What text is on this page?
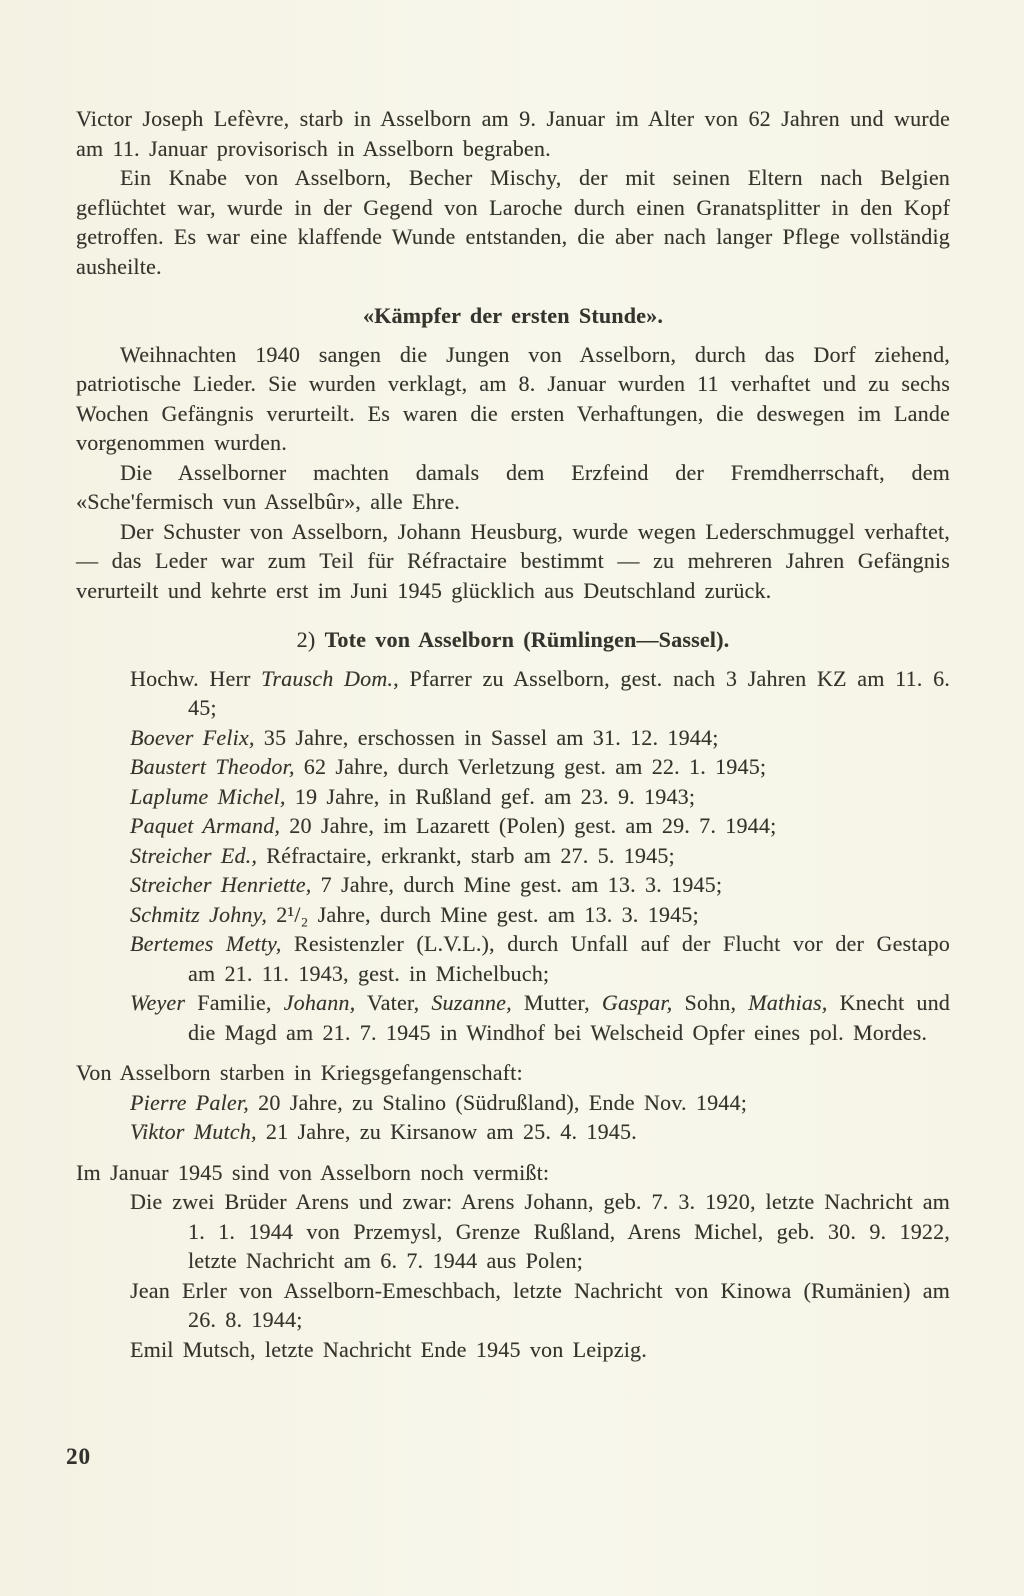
Victor Joseph Lefèvre, starb in Asselborn am 9. Januar im Alter von 62 Jahren und wurde am 11. Januar provisorisch in Asselborn begraben.

Ein Knabe von Asselborn, Becher Mischy, der mit seinen Eltern nach Belgien geflüchtet war, wurde in der Gegend von Laroche durch einen Granatsplitter in den Kopf getroffen. Es war eine klaffende Wunde entstanden, die aber nach langer Pflege vollständig ausheilte.

«Kämpfer der ersten Stunde».

Weihnachten 1940 sangen die Jungen von Asselborn, durch das Dorf ziehend, patriotische Lieder. Sie wurden verklagt, am 8. Januar wurden 11 verhaftet und zu sechs Wochen Gefängnis verurteilt. Es waren die ersten Verhaftungen, die deswegen im Lande vorgenommen wurden.

Die Asselborner machten damals dem Erzfeind der Fremdherrschaft, dem «Sche'fermisch vun Asselbûr», alle Ehre.

Der Schuster von Asselborn, Johann Heusburg, wurde wegen Lederschmuggel verhaftet, — das Leder war zum Teil für Réfractaire bestimmt — zu mehreren Jahren Gefängnis verurteilt und kehrte erst im Juni 1945 glücklich aus Deutschland zurück.

2) Tote von Asselborn (Rümlingen—Sassel).

Hochw. Herr Trausch Dom., Pfarrer zu Asselborn, gest. nach 3 Jahren KZ am 11. 6. 45;

Boever Felix, 35 Jahre, erschossen in Sassel am 31. 12. 1944;

Baustert Theodor, 62 Jahre, durch Verletzung gest. am 22. 1. 1945;

Laplume Michel, 19 Jahre, in Rußland gef. am 23. 9. 1943;

Paquet Armand, 20 Jahre, im Lazarett (Polen) gest. am 29. 7. 1944;

Streicher Ed., Réfractaire, erkrankt, starb am 27. 5. 1945;

Streicher Henriette, 7 Jahre, durch Mine gest. am 13. 3. 1945;

Schmitz Johny, 2¹/₂ Jahre, durch Mine gest. am 13. 3. 1945;

Bertemes Metty, Resistenzler (L.V.L.), durch Unfall auf der Flucht vor der Gestapo am 21. 11. 1943, gest. in Michelbuch;

Weyer Familie, Johann, Vater, Suzanne, Mutter, Gaspar, Sohn, Mathias, Knecht und die Magd am 21. 7. 1945 in Windhof bei Welscheid Opfer eines pol. Mordes.

Von Asselborn starben in Kriegsgefangenschaft:

Pierre Paler, 20 Jahre, zu Stalino (Südrußland), Ende Nov. 1944;

Viktor Mutch, 21 Jahre, zu Kirsanow am 25. 4. 1945.

Im Januar 1945 sind von Asselborn noch vermißt:

Die zwei Brüder Arens und zwar: Arens Johann, geb. 7. 3. 1920, letzte Nachricht am 1. 1. 1944 von Przemysl, Grenze Rußland, Arens Michel, geb. 30. 9. 1922, letzte Nachricht am 6. 7. 1944 aus Polen;

Jean Erler von Asselborn-Emeschbach, letzte Nachricht von Kinowa (Rumänien) am 26. 8. 1944;

Emil Mutsch, letzte Nachricht Ende 1945 von Leipzig.

20
